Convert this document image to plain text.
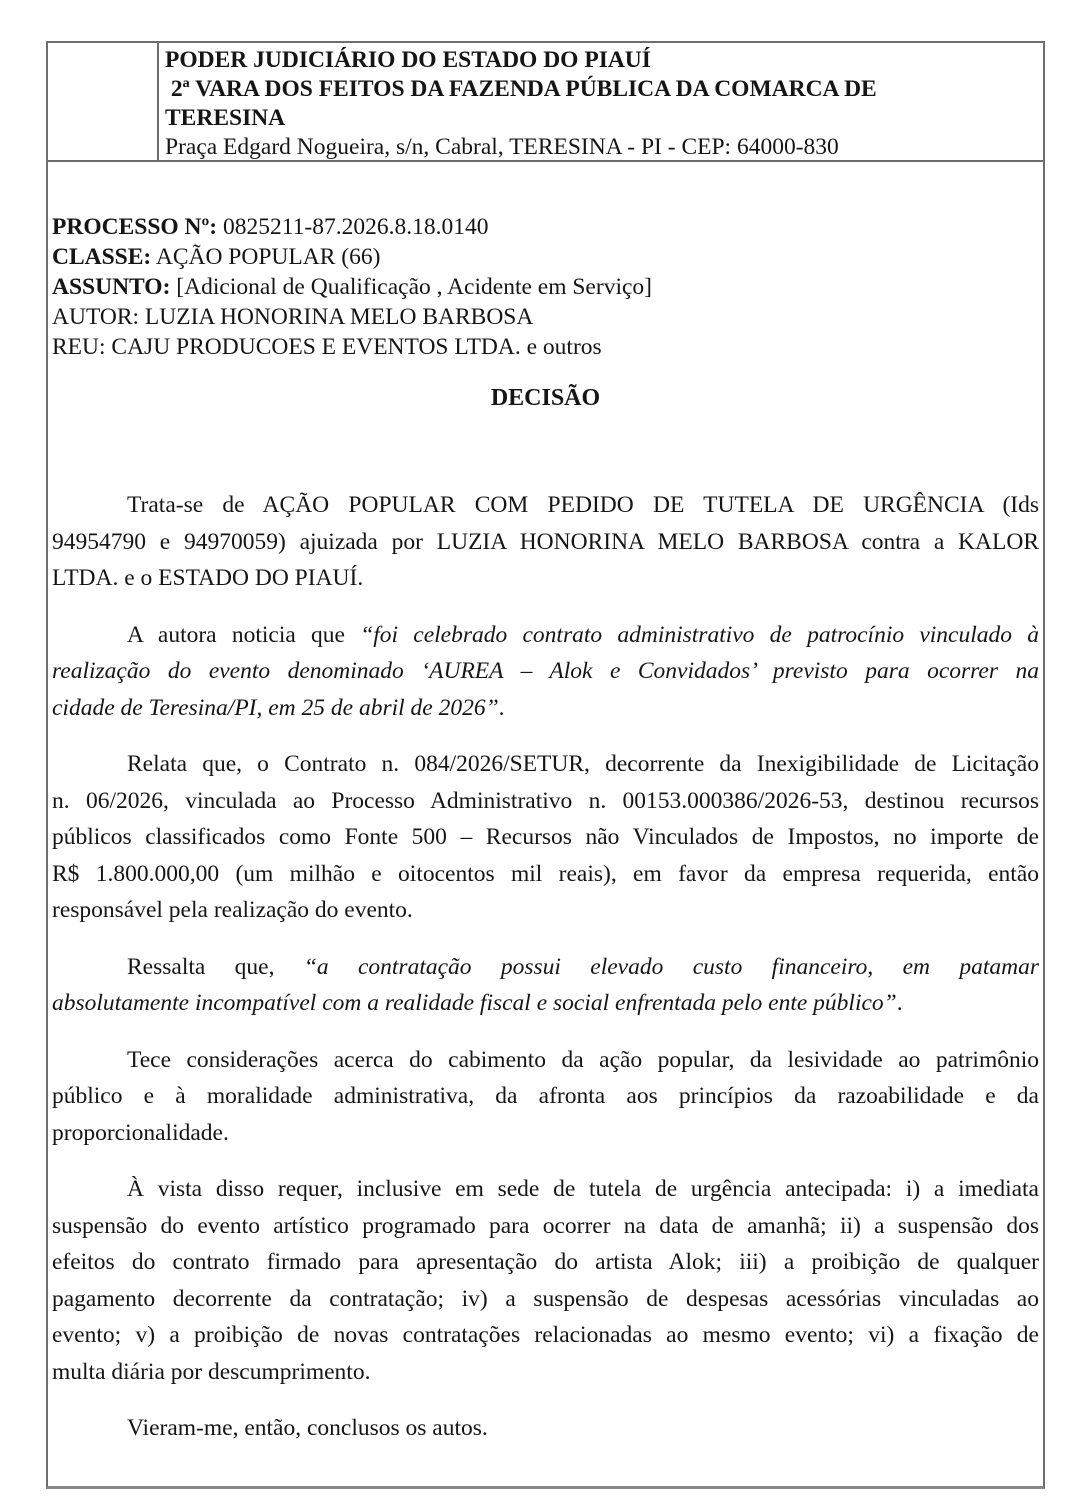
PODER JUDICIÁRIO DO ESTADO DO PIAUÍ
2ª VARA DOS FEITOS DA FAZENDA PÚBLICA DA COMARCA DE
TERESINA
Praça Edgard Nogueira, s/n, Cabral, TERESINA - PI - CEP: 64000-830
PROCESSO Nº: 0825211-87.2026.8.18.0140
CLASSE: AÇÃO POPULAR (66)
ASSUNTO: [Adicional de Qualificação , Acidente em Serviço]
AUTOR: LUZIA HONORINA MELO BARBOSA
REU: CAJU PRODUCOES E EVENTOS LTDA. e outros
DECISÃO
Trata-se de AÇÃO POPULAR COM PEDIDO DE TUTELA DE URGÊNCIA (Ids
94954790 e 94970059) ajuizada por LUZIA HONORINA MELO BARBOSA contra a KALOR
LTDA. e o ESTADO DO PIAUÍ.
A autora noticia que “foi celebrado contrato administrativo de patrocínio vinculado à
realização do evento denominado ‘AUREA – Alok e Convidados’ previsto para ocorrer na
cidade de Teresina/PI, em 25 de abril de 2026”.
Relata que, o Contrato n. 084/2026/SETUR, decorrente da Inexigibilidade de Licitação
n. 06/2026, vinculada ao Processo Administrativo n. 00153.000386/2026-53, destinou recursos
públicos classificados como Fonte 500 – Recursos não Vinculados de Impostos, no importe de
R$ 1.800.000,00 (um milhão e oitocentos mil reais), em favor da empresa requerida, então
responsável pela realização do evento.
Ressalta que, “a contratação possui elevado custo financeiro, em patamar
absolutamente incompatível com a realidade fiscal e social enfrentada pelo ente público”.
Tece considerações acerca do cabimento da ação popular, da lesividade ao patrimônio
público e à moralidade administrativa, da afronta aos princípios da razoabilidade e da
proporcionalidade.
À vista disso requer, inclusive em sede de tutela de urgência antecipada: i) a imediata
suspensão do evento artístico programado para ocorrer na data de amanhã; ii) a suspensão dos
efeitos do contrato firmado para apresentação do artista Alok; iii) a proibição de qualquer
pagamento decorrente da contratação; iv) a suspensão de despesas acessórias vinculadas ao
evento; v) a proibição de novas contratações relacionadas ao mesmo evento; vi) a fixação de
multa diária por descumprimento.
Vieram-me, então, conclusos os autos.
